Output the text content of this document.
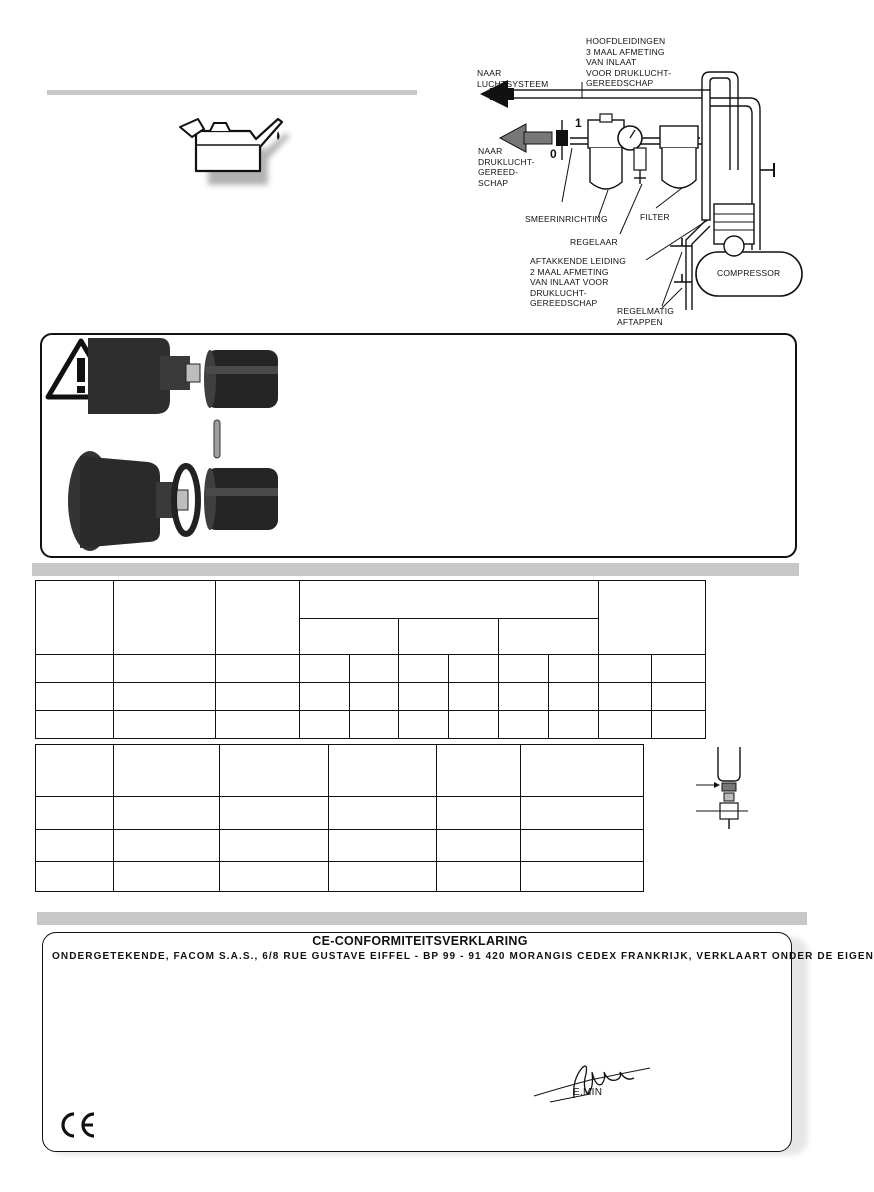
HOOFDLEIDINGEN
3 MAAL AFMETING
VAN INLAAT
VOOR DRUKLUCHT-
GEREEDSCHAP
NAAR
LUCHTSYSTEEM
NAAR
DRUKLUCHT-
GEREED-
SCHAP
1
0
SMEERINRICHTING	FILTER
REGELAAR
AFTAKKENDE LEIDING
2 MAAL AFMETING
VAN INLAAT VOOR
DRUKLUCHT-
GEREEDSCHAP
COMPRESSOR
REGELMATIG
AFTAPPEN

CE-CONFORMITEITSVERKLARING
ONDERGETEKENDE, FACOM S.A.S., 6/8 RUE GUSTAVE EIFFEL - BP 99 - 91 420 MORANGIS CEDEX FRANKRIJK, VERKLAART ONDER DE EIGEN
E.MIN
